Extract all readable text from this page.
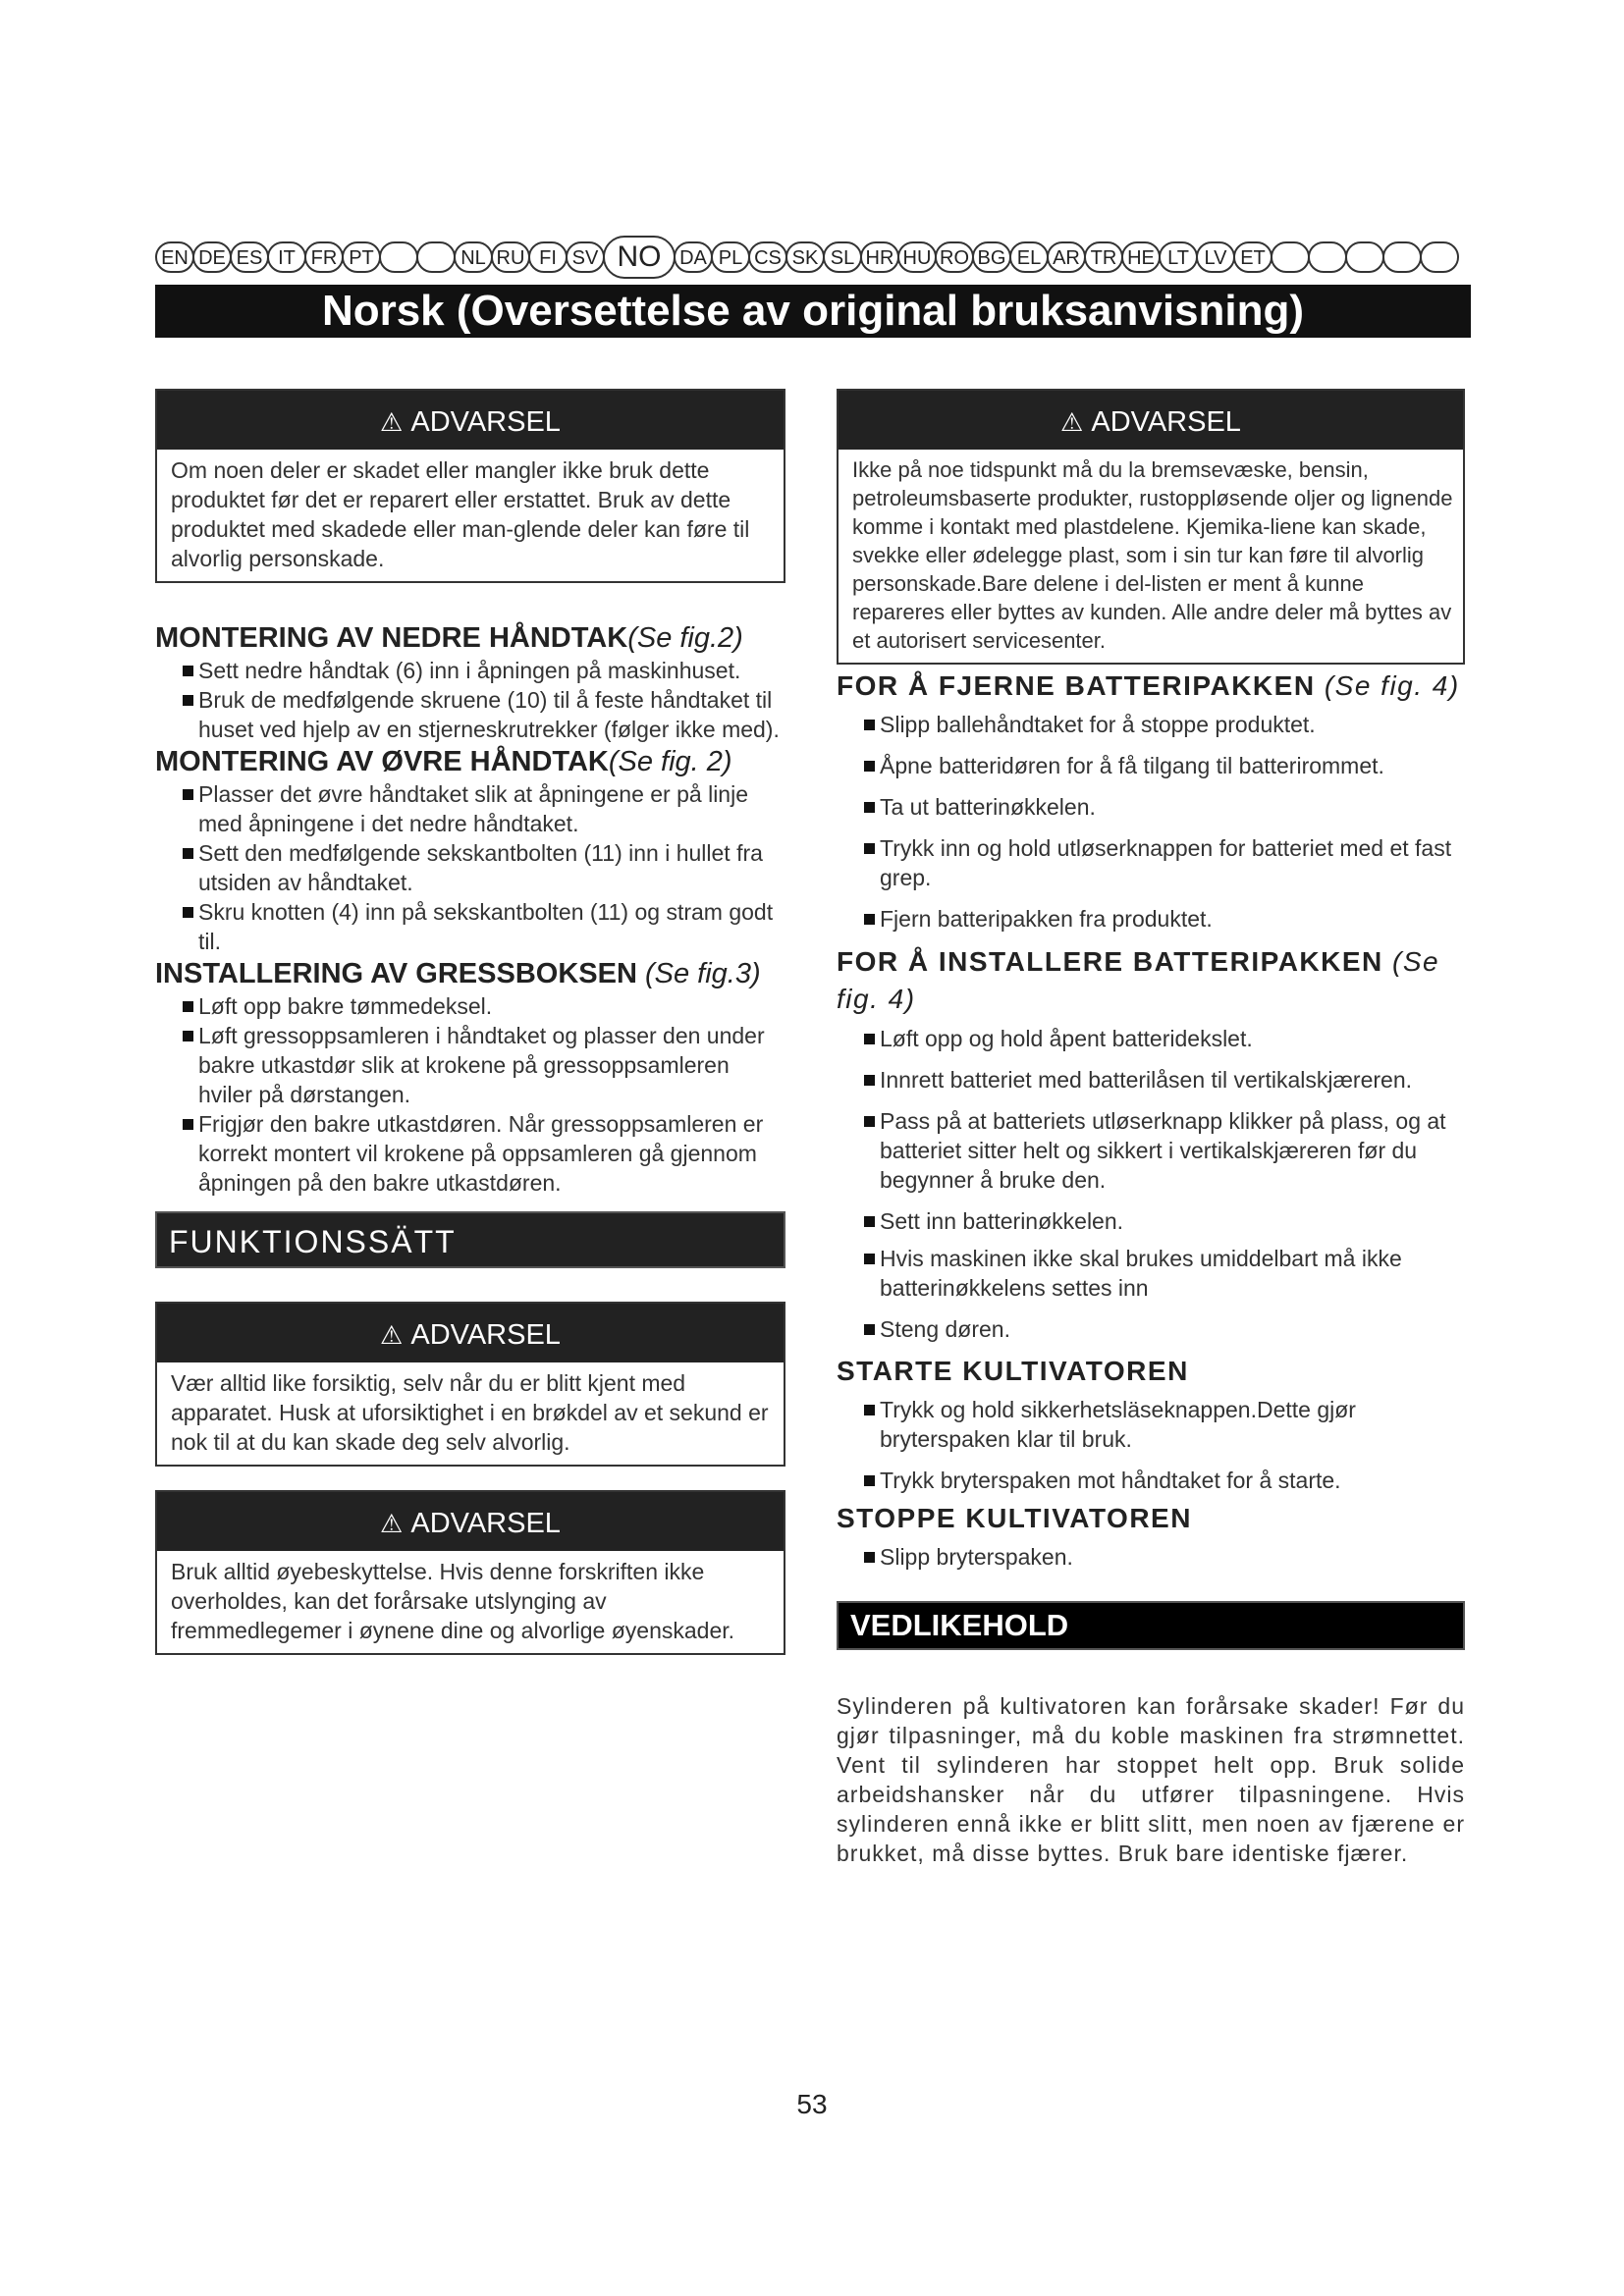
EN DE ES IT FR PT	NL RU FI SV NO DA PL CS SK SL HR HU RO BG EL AR TR HE LT LV ET
Norsk (Oversettelse av original bruksanvisning)
⚠ ADVARSEL
Om noen deler er skadet eller mangler ikke bruk dette produktet før det er reparert eller erstattet. Bruk av dette produktet med skadede eller man-glende deler kan føre til alvorlig personskade.

MONTERING AV NEDRE HÅNDTAK(Se fig.2)

Sett nedre håndtak (6) inn i åpningen på maskinhuset.
Bruk de medfølgende skruene (10) til å feste håndtaket til huset ved hjelp av en stjerneskrutrekker (følger ikke med).

MONTERING AV ØVRE HÅNDTAK(Se fig. 2)

Plasser det øvre håndtaket slik at åpningene er på linje med åpningene i det nedre håndtaket.
Sett den medfølgende sekskantbolten (11) inn i hullet fra utsiden av håndtaket.
Skru knotten (4) inn på sekskantbolten (11) og stram godt til.

INSTALLERING AV GRESSBOKSEN (Se fig.3)

Løft opp bakre tømmedeksel.
Løft gressoppsamleren i håndtaket og plasser den under bakre utkastdør slik at krokene på gressoppsamleren hviler på dørstangen.
Frigjør den bakre utkastdøren. Når gressoppsamleren er korrekt montert vil krokene på oppsamleren gå gjennom åpningen på den bakre utkastdøren.
FUNKTIONSSÄTT
⚠ ADVARSEL
Vær alltid like forsiktig, selv når du er blitt kjent med apparatet. Husk at uforsiktighet i en brøkdel av et sekund er nok til at du kan skade deg selv alvorlig.
⚠ ADVARSEL
Bruk alltid øyebeskyttelse. Hvis denne forskriften ikke overholdes, kan det forårsake utslynging av fremmedlegemer i øynene dine og alvorlige øyenskader.
⚠ ADVARSEL
Ikke på noe tidspunkt må du la bremsevæske, bensin, petroleumsbaserte produkter, rustoppløsende oljer og lignende komme i kontakt med plastdelene. Kjemika-liene kan skade, svekke eller ødelegge plast, som i sin tur kan føre til alvorlig personskade.Bare delene i del-listen er ment å kunne repareres eller byttes av kunden. Alle andre deler må byttes av et autorisert servicesenter.

FOR Å FJERNE BATTERIPAKKEN (Se fig. 4)

Slipp ballehåndtaket for å stoppe produktet.
Åpne batteridøren for å få tilgang til batterirommet.
Ta ut batterinøkkelen.
Trykk inn og hold utløserknappen for batteriet med et fast grep.
Fjern batteripakken fra produktet.

FOR Å INSTALLERE BATTERIPAKKEN (Se fig. 4)

Løft opp og hold åpent batteridekslet.
Innrett batteriet med batterilåsen til vertikalskjæreren.
Pass på at batteriets utløserknapp klikker på plass, og at batteriet sitter helt og sikkert i vertikalskjæreren før du begynner å bruke den.
Sett inn batterinøkkelen.
Hvis maskinen ikke skal brukes umiddelbart må ikke batterinøkkelens settes inn
Steng døren.

STARTE KULTIVATOREN

Trykk og hold sikkerhetsläseknappen.Dette gjør bryterspaken klar til bruk.
Trykk bryterspaken mot håndtaket for å starte.

STOPPE KULTIVATOREN

Slipp bryterspaken.
VEDLIKEHOLD
Sylinderen på kultivatoren kan forårsake skader! Før du gjør tilpasninger, må du koble maskinen fra strømnettet. Vent til sylinderen har stoppet helt opp. Bruk solide arbeidshansker når du utfører tilpasningene. Hvis sylinderen ennå ikke er blitt slitt, men noen av fjærene er brukket, må disse byttes. Bruk bare identiske fjærer.
53
